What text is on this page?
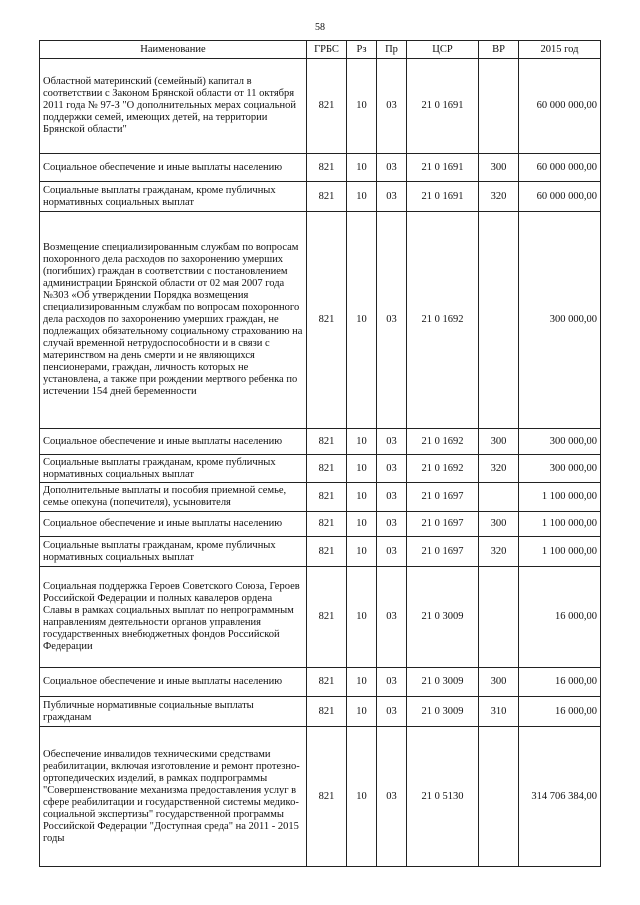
58
Наименование	ГРБС	Рз	Пр	ЦСР	ВР	2015 год
Областной материнский (семейный) капитал в соответствии с Законом Брянской области от 11 октября 2011 года № 97-З "О дополнительных мерах социальной поддержки семей, имеющих детей, на территории Брянской области"	821	10	03	21 0 1691		60 000 000,00
Социальное обеспечение и иные выплаты населению	821	10	03	21 0 1691	300	60 000 000,00
Социальные выплаты гражданам, кроме публичных нормативных социальных выплат	821	10	03	21 0 1691	320	60 000 000,00
Возмещение специализированным службам по вопросам похоронного дела расходов по захоронению умерших (погибших) граждан в соответствии с постановлением администрации Брянской области от 02 мая 2007 года №303 «Об утверждении Порядка возмещения специализированным службам по вопросам похоронного дела расходов по захоронению умерших граждан, не подлежащих обязательному социальному страхованию на случай временной нетрудоспособности и в связи с материнством на день смерти и не являющихся пенсионерами, граждан, личность которых не установлена, а также при рождении мертвого ребенка по истечении 154 дней беременности	821	10	03	21 0 1692		300 000,00
Социальное обеспечение и иные выплаты населению	821	10	03	21 0 1692	300	300 000,00
Социальные выплаты гражданам, кроме публичных нормативных социальных выплат	821	10	03	21 0 1692	320	300 000,00
Дополнительные выплаты и пособия приемной семье, семье опекуна (попечителя), усыновителя	821	10	03	21 0 1697		1 100 000,00
Социальное обеспечение и иные выплаты населению	821	10	03	21 0 1697	300	1 100 000,00
Социальные выплаты гражданам, кроме публичных нормативных социальных выплат	821	10	03	21 0 1697	320	1 100 000,00
Социальная поддержка Героев Советского Союза, Героев Российской Федерации и полных кавалеров ордена Славы в рамках социальных выплат по непрограммным направлениям деятельности органов управления государственных внебюджетных фондов Российской Федерации	821	10	03	21 0 3009		16 000,00
Социальное обеспечение и иные выплаты населению	821	10	03	21 0 3009	300	16 000,00
Публичные нормативные социальные выплаты гражданам	821	10	03	21 0 3009	310	16 000,00
Обеспечение инвалидов техническими средствами реабилитации, включая изготовление и ремонт протезно-ортопедических изделий, в рамках подпрограммы "Совершенствование механизма предоставления услуг в сфере реабилитации и государственной системы медико-социальной экспертизы" государственной программы Российской Федерации "Доступная среда" на 2011 - 2015 годы	821	10	03	21 0 5130		314 706 384,00
